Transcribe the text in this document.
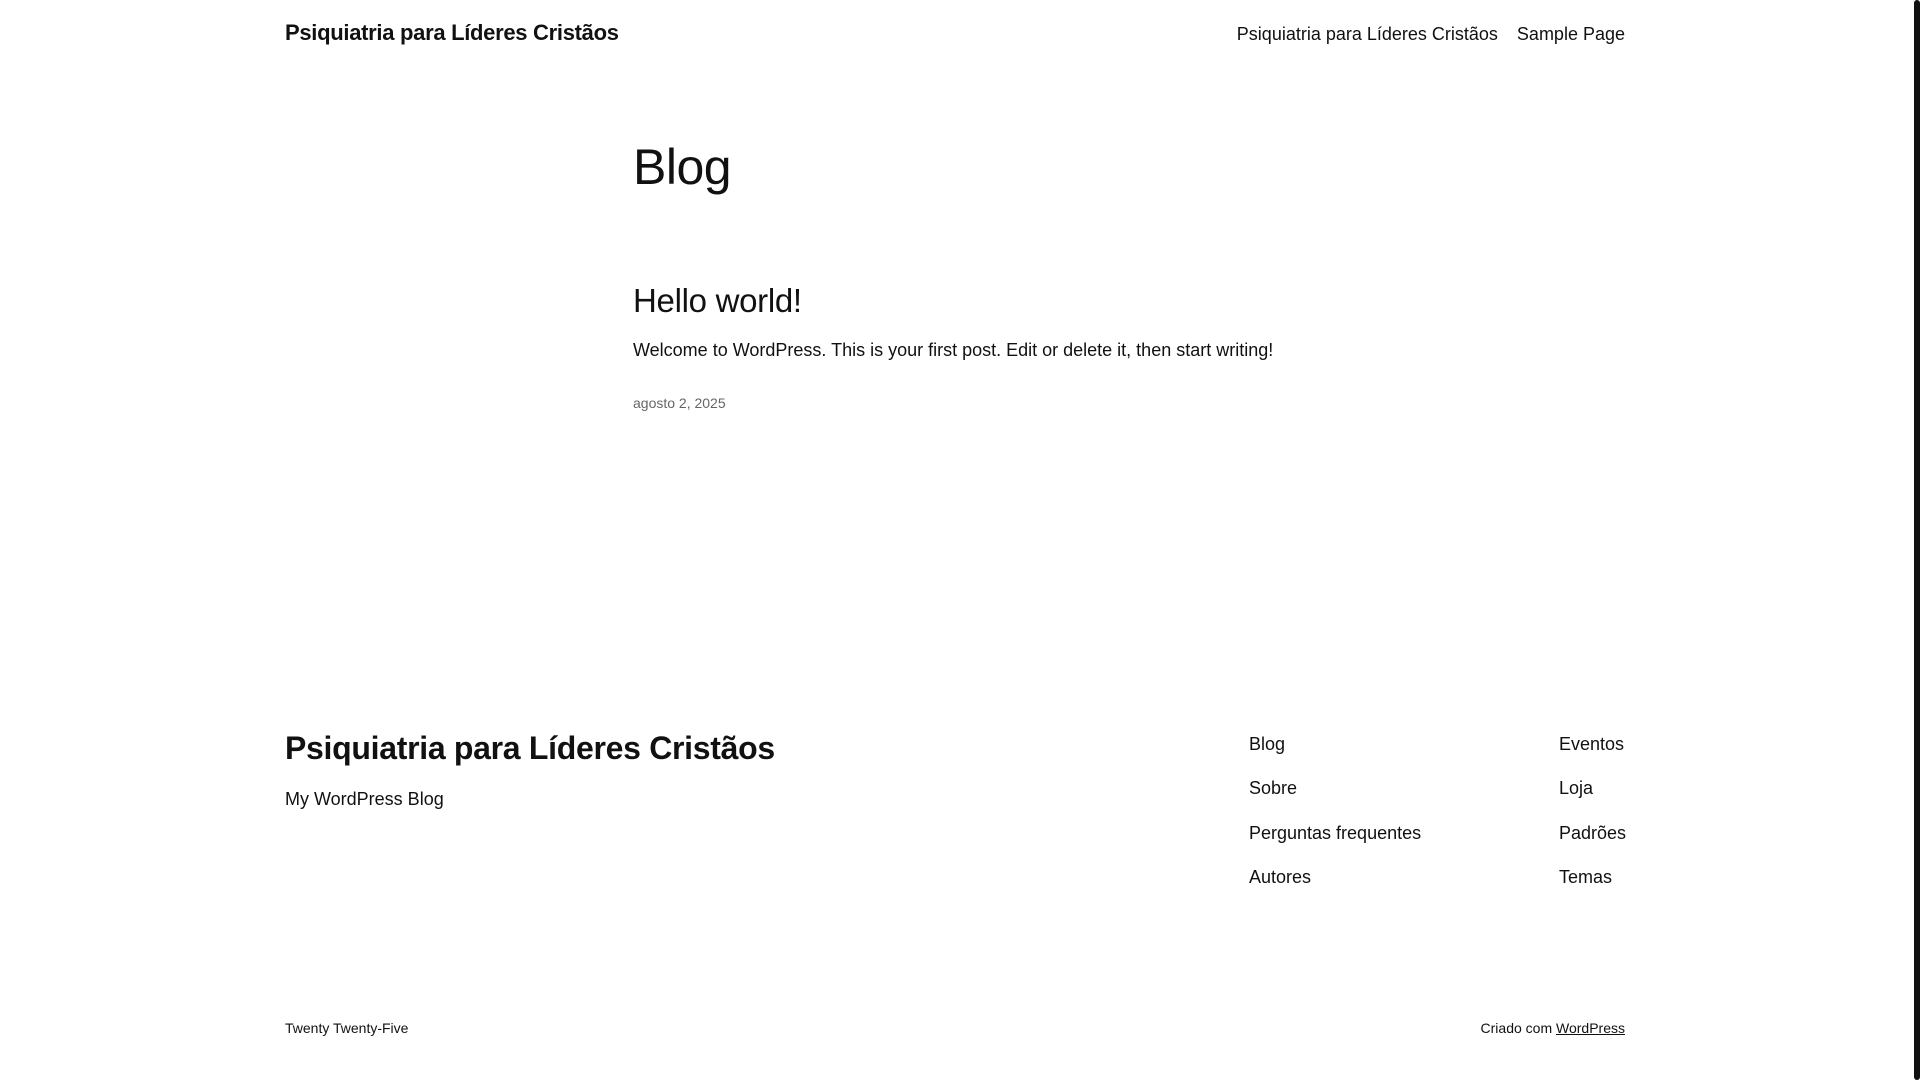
Psiquiatria para Líderes Cristãos	Psiquiatria para Líderes Cristãos Sample Page
Blog
Hello world!

Welcome to WordPress. This is your first post. Edit or delete it, then start writing!

agosto 2, 2025
Psiquiatria para Líderes Cristãos
My WordPress Blog
Blog
Sobre
Perguntas frequentes
Autores
Eventos
Loja
Padrões
Temas
Twenty Twenty-Five	Criado com WordPress
